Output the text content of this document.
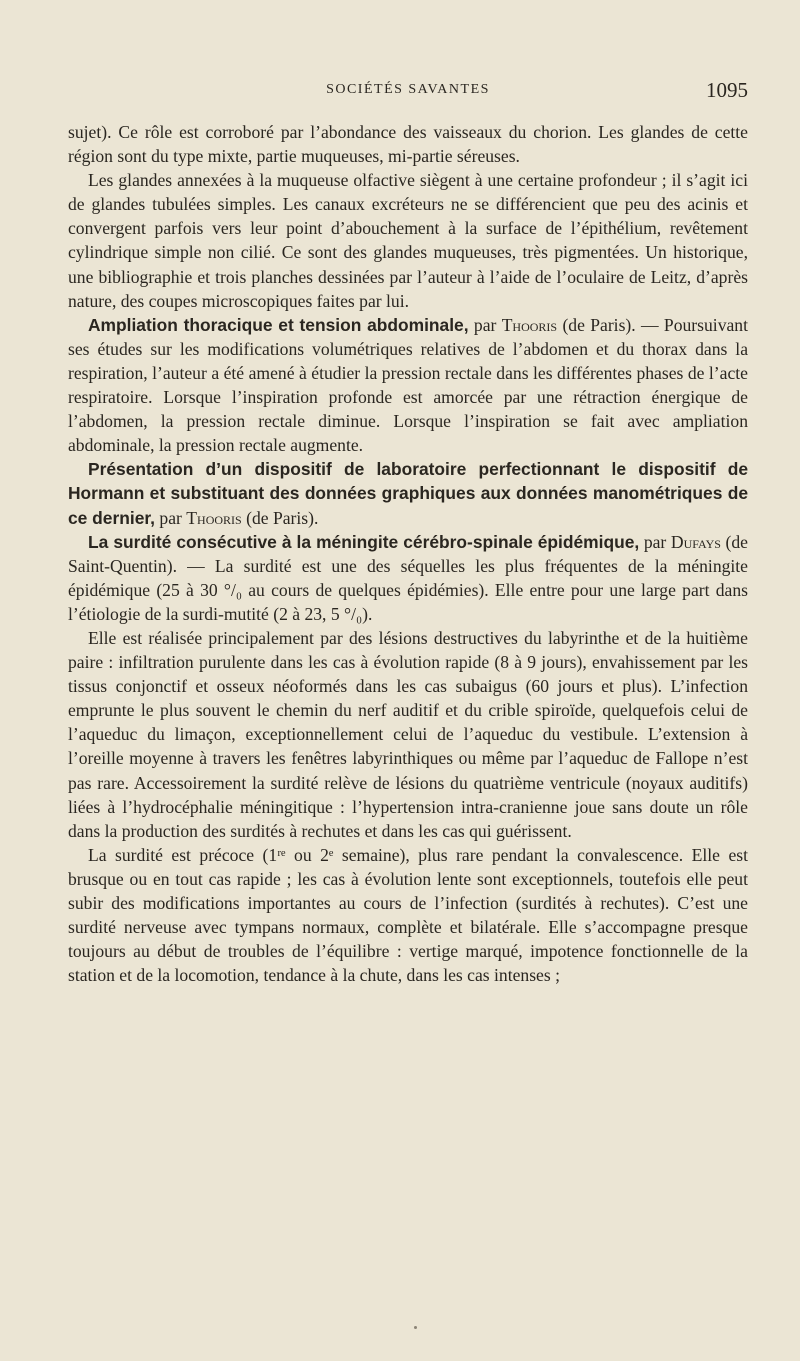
SOCIÉTÉS SAVANTES	1095

sujet). Ce rôle est corroboré par l’abondance des vaisseaux du chorion. Les glandes de cette région sont du type mixte, partie muqueuses, mi-partie séreuses.

Les glandes annexées à la muqueuse olfactive siègent à une certaine profondeur ; il s’agit ici de glandes tubulées simples. Les canaux excréteurs ne se différencient que peu des acinis et convergent parfois vers leur point d’abouchement à la surface de l’épithélium, revêtement cylindrique simple non cilié. Ce sont des glandes muqueuses, très pigmentées. Un historique, une bibliographie et trois planches dessinées par l’auteur à l’aide de l’oculaire de Leitz, d’après nature, des coupes microscopiques faites par lui.

Ampliation thoracique et tension abdominale, par Thooris (de Paris). — Poursuivant ses études sur les modifications volumétriques relatives de l’abdomen et du thorax dans la respiration, l’auteur a été amené à étudier la pression rectale dans les différentes phases de l’acte respiratoire. Lorsque l’inspiration profonde est amorcée par une rétraction énergique de l’abdomen, la pression rectale diminue. Lorsque l’inspiration se fait avec ampliation abdominale, la pression rectale augmente.

Présentation d’un dispositif de laboratoire perfectionnant le dispositif de Hormann et substituant des données graphiques aux données manométriques de ce dernier, par Thooris (de Paris).

La surdité consécutive à la méningite cérébro-spinale épidémique, par Dufays (de Saint-Quentin). — La surdité est une des séquelles les plus fréquentes de la méningite épidémique (25 à 30 °/₀ au cours de quelques épidémies). Elle entre pour une large part dans l’étiologie de la surdi-mutité (2 à 23, 5 °/₀).

Elle est réalisée principalement par des lésions destructives du labyrinthe et de la huitième paire : infiltration purulente dans les cas à évolution rapide (8 à 9 jours), envahissement par les tissus conjonctif et osseux néoformés dans les cas subaigus (60 jours et plus). L’infection emprunte le plus souvent le chemin du nerf auditif et du crible spiroïde, quelquefois celui de l’aqueduc du limaçon, exceptionnellement celui de l’aqueduc du vestibule. L’extension à l’oreille moyenne à travers les fenêtres labyrinthiques ou même par l’aqueduc de Fallope n’est pas rare. Accessoirement la surdité relève de lésions du quatrième ventricule (noyaux auditifs) liées à l’hydrocéphalie méningitique : l’hypertension intra-cranienne joue sans doute un rôle dans la production des surdités à rechutes et dans les cas qui guérissent.

La surdité est précoce (1ʳᵉ ou 2ᵉ semaine), plus rare pendant la convalescence. Elle est brusque ou en tout cas rapide ; les cas à évolution lente sont exceptionnels, toutefois elle peut subir des modifications importantes au cours de l’infection (surdités à rechutes). C’est une surdité nerveuse avec tympans normaux, complète et bilatérale. Elle s’accompagne presque toujours au début de troubles de l’équilibre : vertige marqué, impotence fonctionnelle de la station et de la locomotion, tendance à la chute, dans les cas intenses ;
